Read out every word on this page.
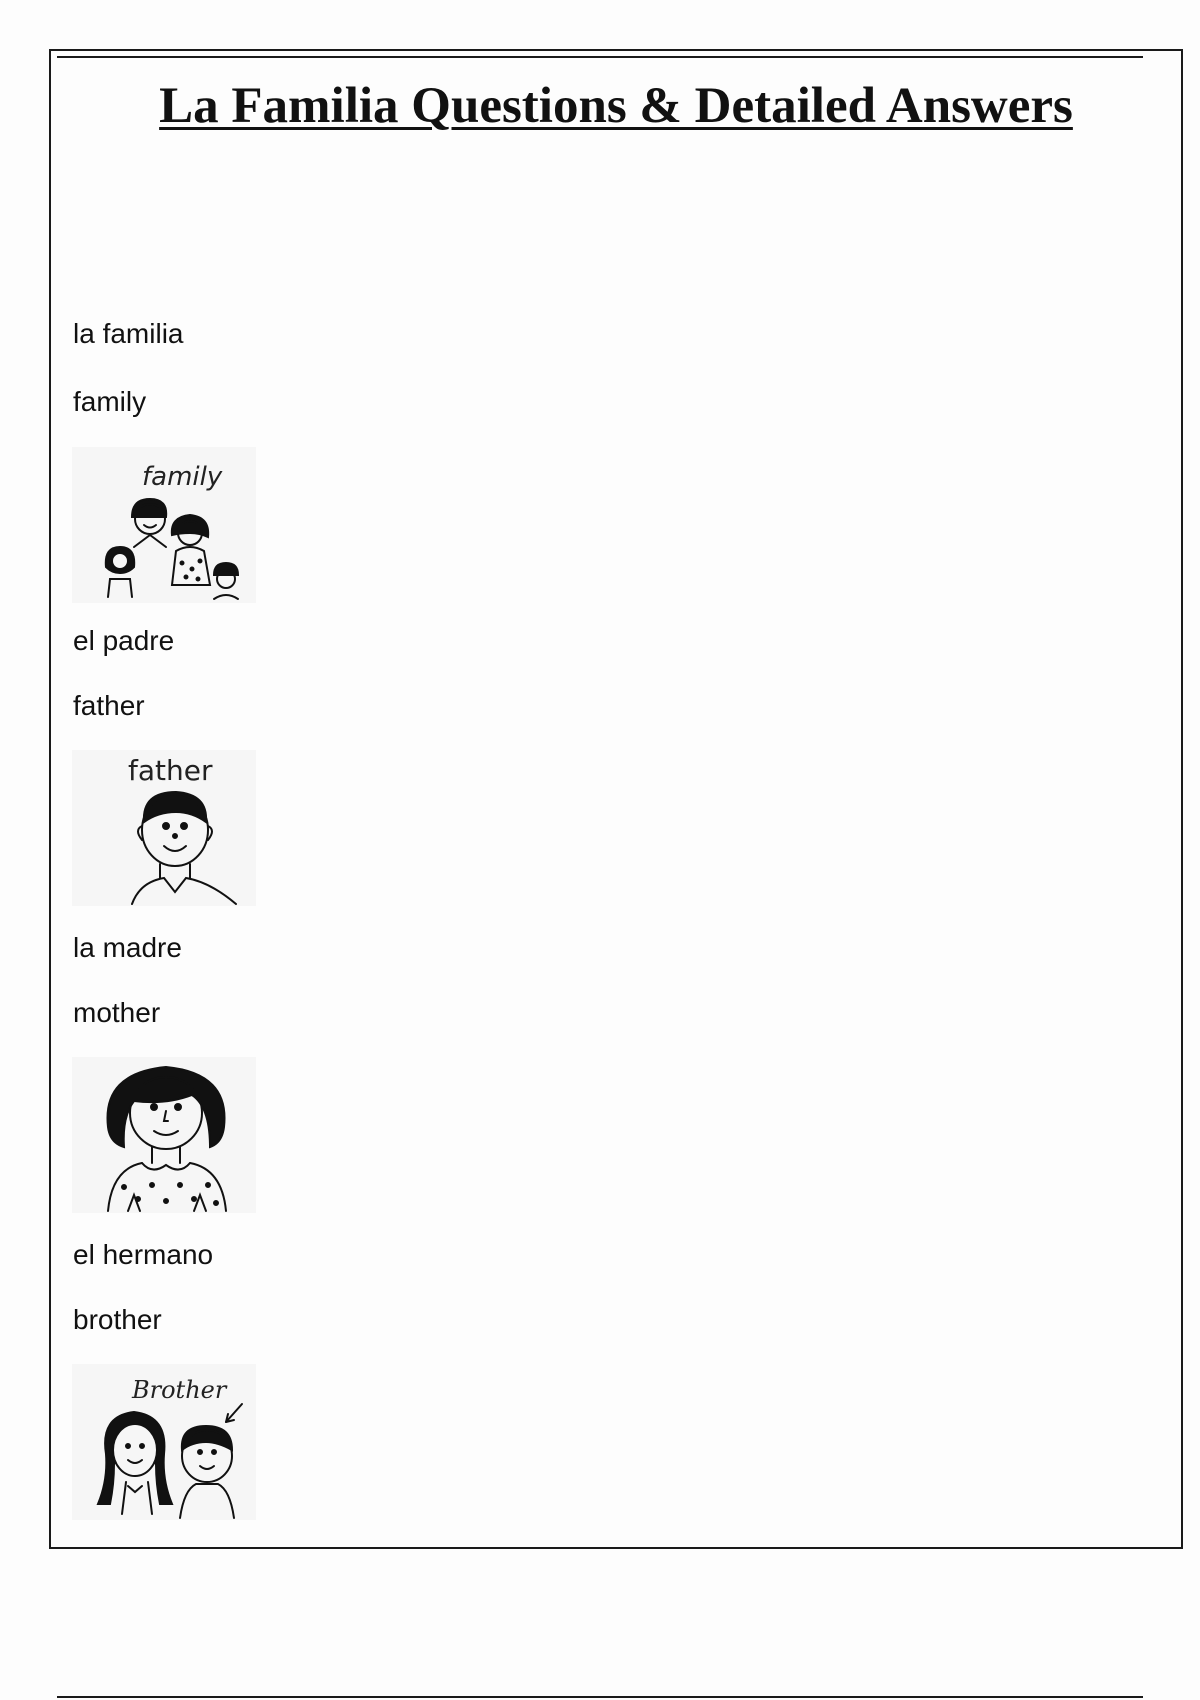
La Familia Questions & Detailed Answers
la familia
family
family
el padre
father
father
la madre
mother
el hermano
brother
Brother
